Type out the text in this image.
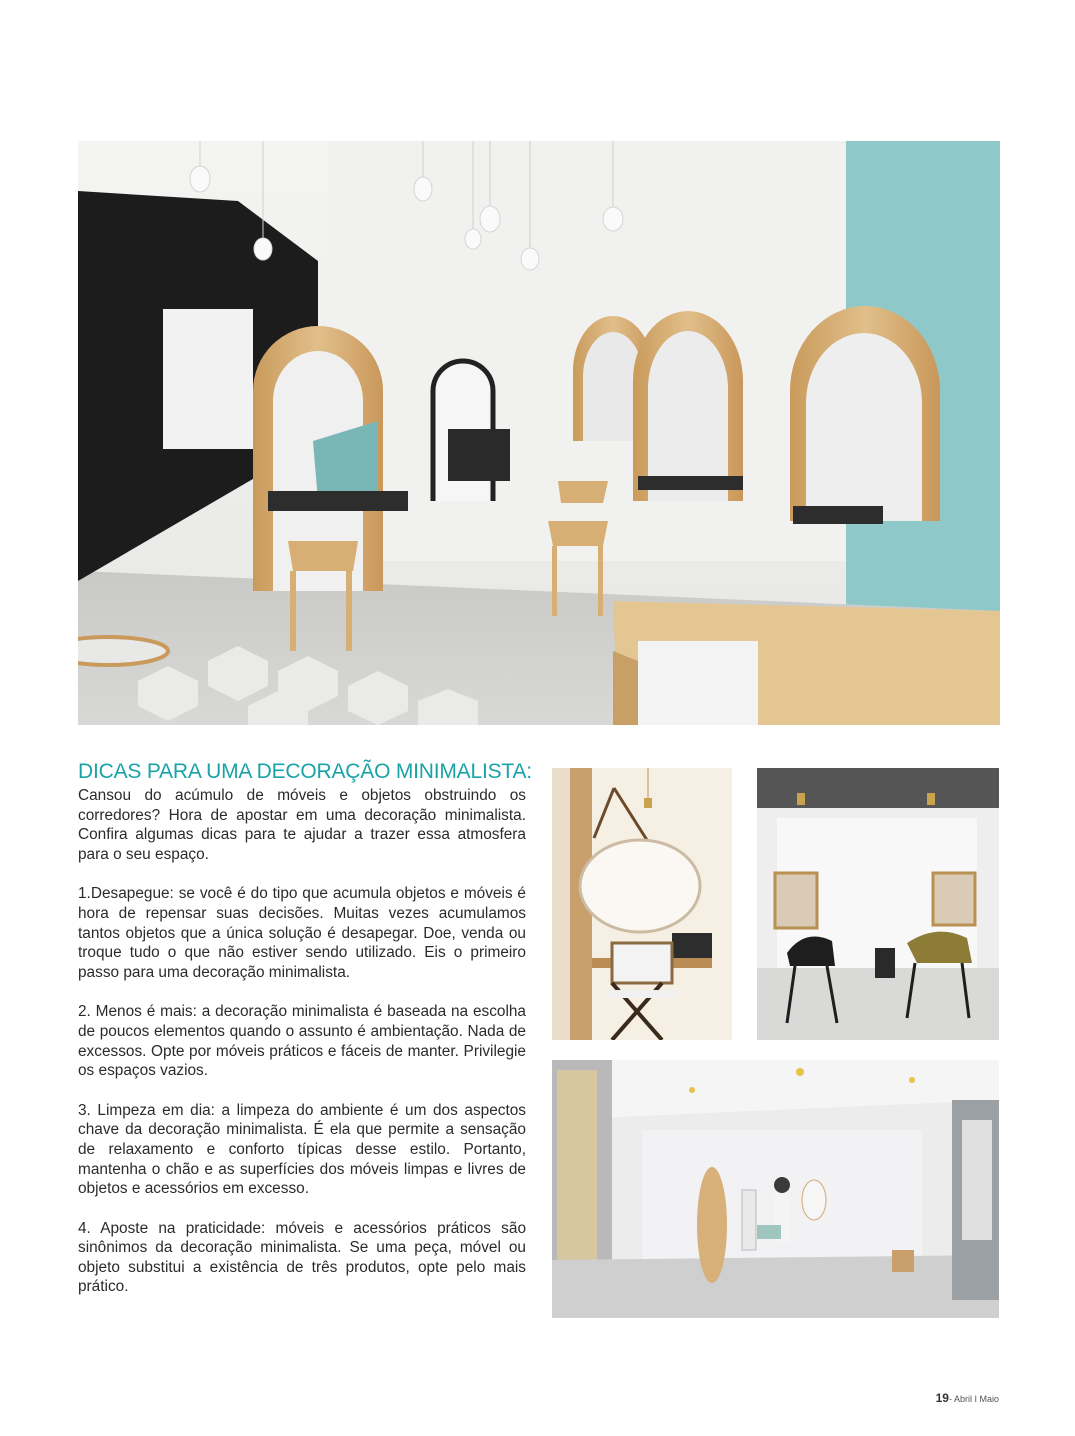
DICAS PARA UMA DECORAÇÃO MINIMALISTA:

Cansou do acúmulo de móveis e objetos obstruindo os corredores? Hora de apostar em uma decoração minimalista. Confira algumas dicas para te ajudar a trazer essa atmosfera para o seu espaço.

1.Desapegue: se você é do tipo que acumula objetos e móveis é hora de repensar suas decisões. Muitas vezes acumulamos tantos objetos que a única solução é desapegar. Doe, venda ou troque tudo o que não estiver sendo utilizado. Eis o primeiro passo para uma decoração minimalista.

2. Menos é mais: a decoração minimalista é baseada na escolha de poucos elementos quando o assunto é ambientação. Nada de excessos. Opte por móveis práticos e fáceis de manter. Privilegie os espaços vazios.

3. Limpeza em dia: a limpeza do ambiente é um dos aspectos chave da decoração minimalista. É ela que permite a sensação de relaxamento e conforto típicas desse estilo. Portanto, mantenha o chão e as superfícies dos móveis limpas e livres de objetos e acessórios em excesso.

4. Aposte na praticidade: móveis e acessórios práticos são sinônimos da decoração minimalista. Se uma peça, móvel ou objeto substitui a existência de três produtos, opte pelo mais prático.

19- Abril I Maio
